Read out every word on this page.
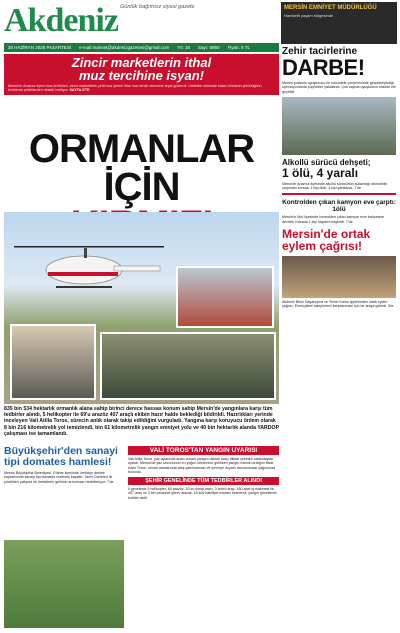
Akdeniz Günlük bağımsız siyasi gazete
30 HAZİRAN 2025 PAZARTESİ e-mail:manset@akdenizgazetesi@gmail.com Yıl: 16 Sayı: 5950 Fiyatı: 5 TL
MERSİN EMNİYET MÜDÜRLÜĞÜ
Hareketli yaşam bölgesinde
Zincir marketlerin ithal
muz tercihine isyan!

Mersin'in Anamur ilçesi muz üreticileri, zincir marketlerin yerli muz yerine ithal muz tercih etmesine tepki gösterdi. Üreticiler ellerinde kalan ürünlerin çürüdüğünü belirterek yetkililerden destek bekliyor. SAYFA 3'TE

ORMANLAR İÇİN
835 bin 534 hektarlık ormanlık alana sahip birinci derece hassas konum sahip Mersin'de yangınlara karşı tüm tedbirler alındı, 5 helikopter ile 69'u arazöz 407 araçlı ekibin hazır halde bekledi̇ği bildirildi. Hazırlıkları yerinde inceleyen Vali Atilla Toros, sürecin anlık olarak takip edildiğini vurguladı. Yangına karşı koruyucu önlem olarak 8 bin 216 kilometrelik yol temizlendi, bin 61 kilometrelik yangın emniyet yolu ve 40 bin hektarlık alanda YARDOP çalışması ise tamamlandı.
Büyükşehir'den sanayi tipi domates hamlesi!

Mersin Büyükşehir Belediyesi, Gülnar ilçesinde üreticiye destek kapsamında sanayi tipi domates üretimini başlattı. Tarım Daireleri ile yürütülen çalışma ile üreticilerin gelirinin artırılması hedefleniyor. 7'de

VALİ TOROS'TAN YANGIN UYARISI

Vali Atilla Toros, yaz aylarında artan orman yangını riskine karşı dikkat çekerek vatandaşları uyardı. Mersin'de yaz sezonunun en yoğun dönemine girilirken yangın riskinin arttığını ifade eden Toros, orman alanlarında ateş yakılmaması ve çevreye duyarlı davranılması çağrısında bulundu.

ŞEHİR GENELİNDE TÜM TEDBİRLER ALINDI

İl genelinde 5 helikopter, 69 arazöz, 33 su ikmal aracı, 3 ızdırlı araç, 160 adet iş makinesi ile 407 araç ve 3 bin personel görev alacak. 18 köy kabiliyet noktası belirlendi, yangın gözetleme kuleleri aktif.

Zehir tacirlerine
DARBE!

Mersin polisinin uyuşturucu ile mücadele çerçevesinde gerçekleştirdiği operasyonlarda şüpheliler yakalandı. Çok sayıda uyuşturucu madde ele geçirildi.

Alkollü sürücü dehşeti;
1 ölü, 4 yaralı

Mersin'in Anamur ilçesinde alkollü sürücünün kullandığı otomobilin çarpması sonucu 1 kişi öldü, 4 kişi yaralandı. 7'de

Kontrolden çıkan kamyon eve çarptı: 1ölü

Mersin'in Mut ilçesinde kontrolden çıkan kamyon evin bahçesine devrildi. Kazada 1 kişi hayatını kaybetti. 7'de

Mersin'de ortak
eylem çağrısı!

Akdeniz Birim Dayanışma ve Temel Kamu işçilerinden ortak eylem çağrısı. Emekçilerin taleplerinin karşılanması için bir araya gelindi. 5'te
